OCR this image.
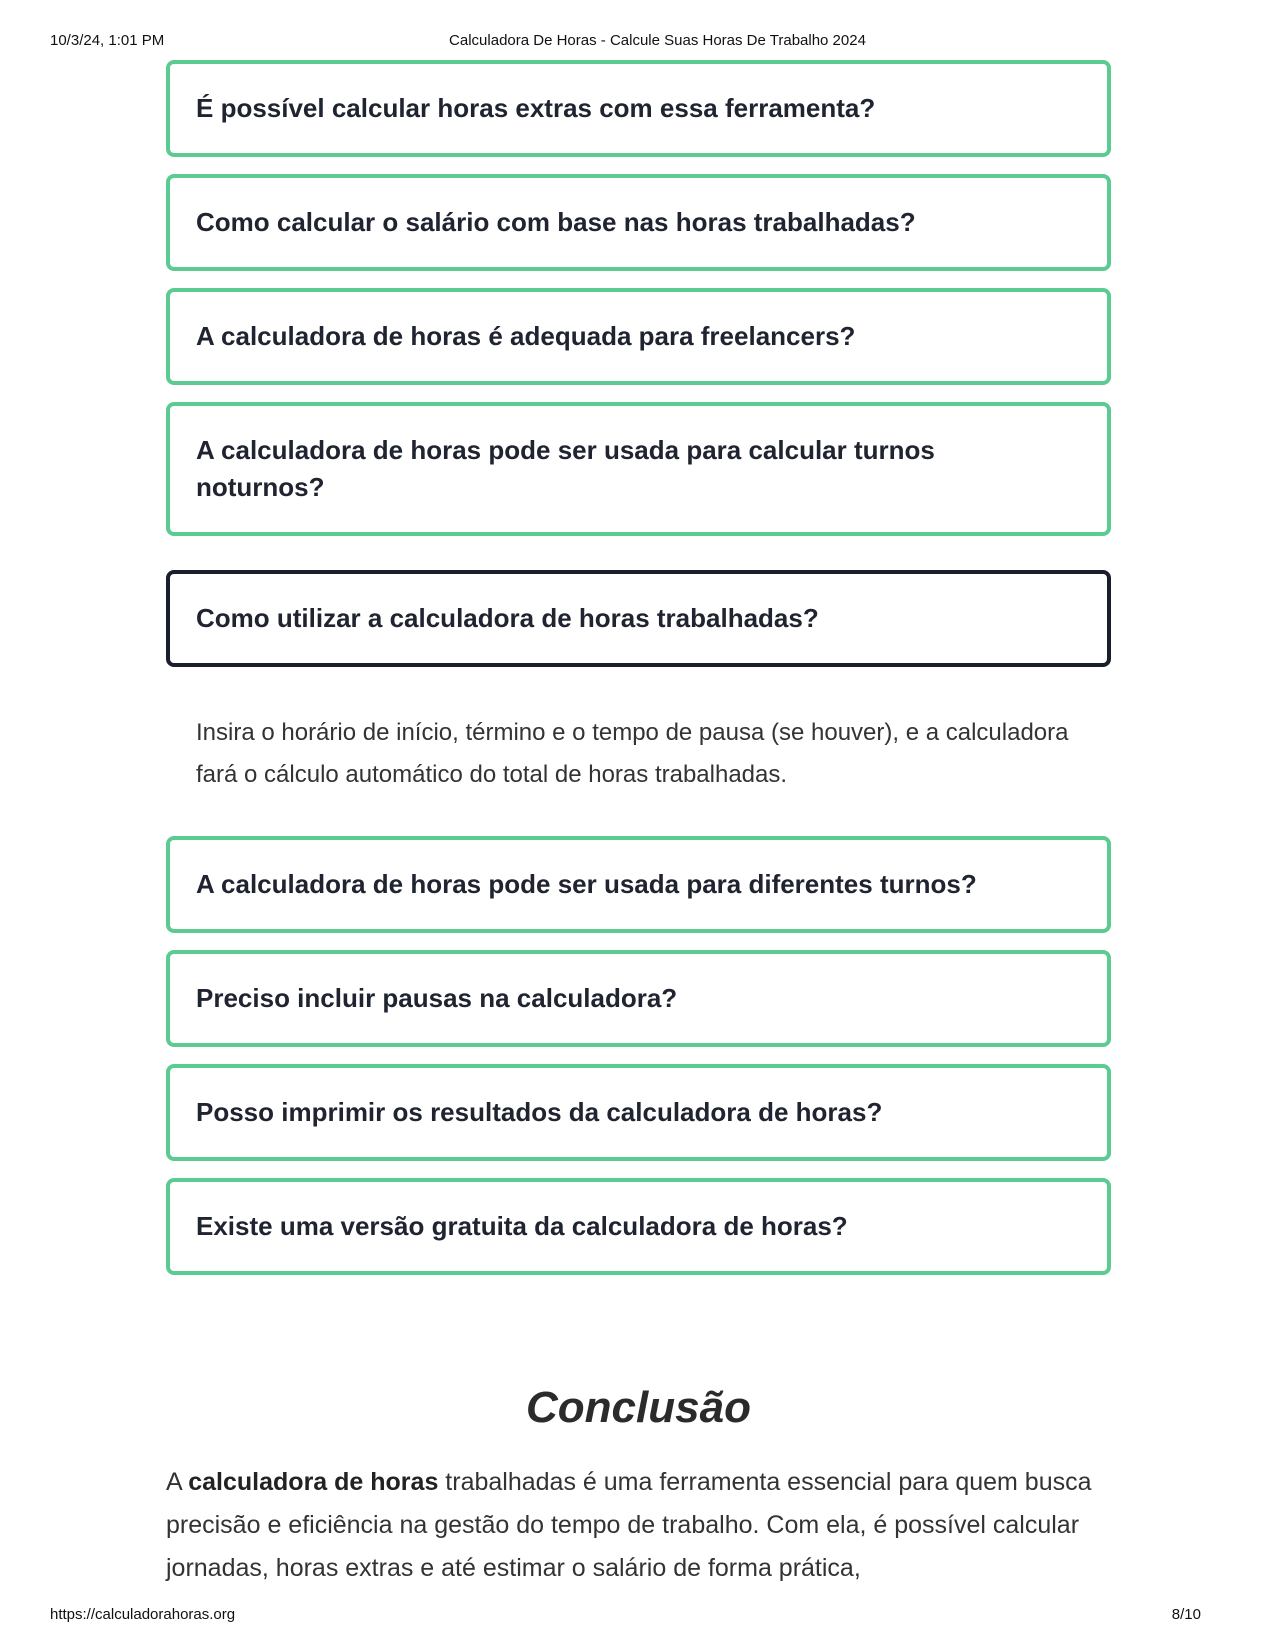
10/3/24, 1:01 PM	Calculadora De Horas - Calcule Suas Horas De Trabalho 2024
É possível calcular horas extras com essa ferramenta?
Como calcular o salário com base nas horas trabalhadas?
A calculadora de horas é adequada para freelancers?
A calculadora de horas pode ser usada para calcular turnos noturnos?
Como utilizar a calculadora de horas trabalhadas?
Insira o horário de início, término e o tempo de pausa (se houver), e a calculadora fará o cálculo automático do total de horas trabalhadas.
A calculadora de horas pode ser usada para diferentes turnos?
Preciso incluir pausas na calculadora?
Posso imprimir os resultados da calculadora de horas?
Existe uma versão gratuita da calculadora de horas?
Conclusão

A calculadora de horas trabalhadas é uma ferramenta essencial para quem busca precisão e eficiência na gestão do tempo de trabalho. Com ela, é possível calcular jornadas, horas extras e até estimar o salário de forma prática,

https://calculadorahoras.org	8/10
